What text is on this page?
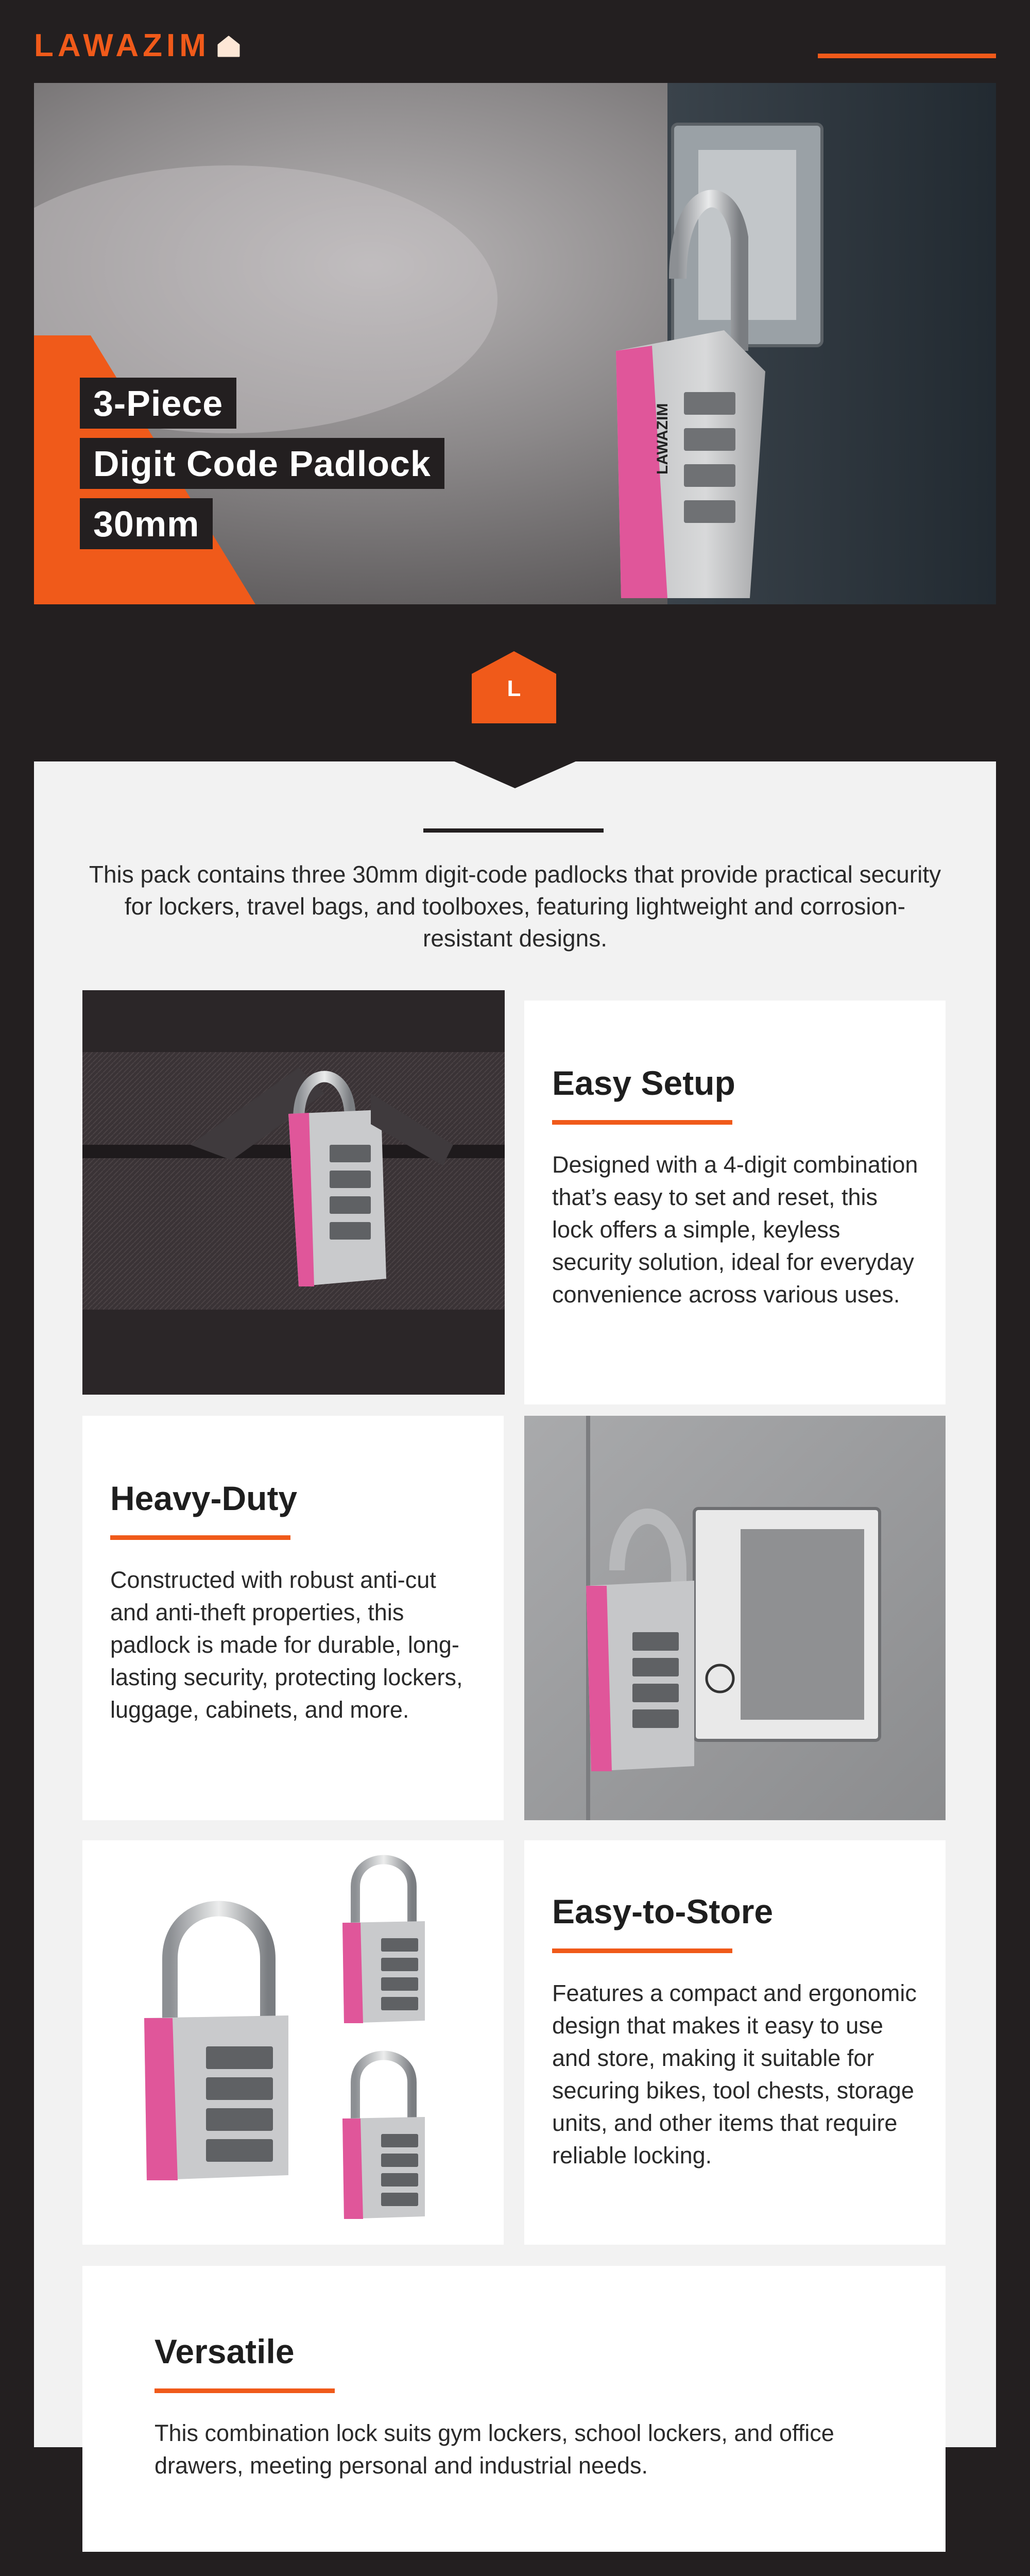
LAWAZIM
LAWAZIM
3-Piece
Digit Code Padlock
30mm
L
This pack contains three 30mm digit-code padlocks that provide practical security for lockers, travel bags, and toolboxes, featuring lightweight and corrosion-resistant designs.
Easy Setup

Designed with a 4-digit combination that’s easy to set and reset, this lock offers a simple, keyless security solution, ideal for everyday convenience across various uses.

Heavy-Duty

Constructed with robust anti-cut and anti-theft properties, this padlock is made for durable, long-lasting security, protecting lockers, luggage, cabinets, and more.

Easy-to-Store

Features a compact and ergonomic design that makes it easy to use and store, making it suitable for securing bikes, tool chests, storage units, and other items that require reliable locking.

Versatile

This combination lock suits gym lockers, school lockers, and office drawers, meeting personal and industrial needs.
